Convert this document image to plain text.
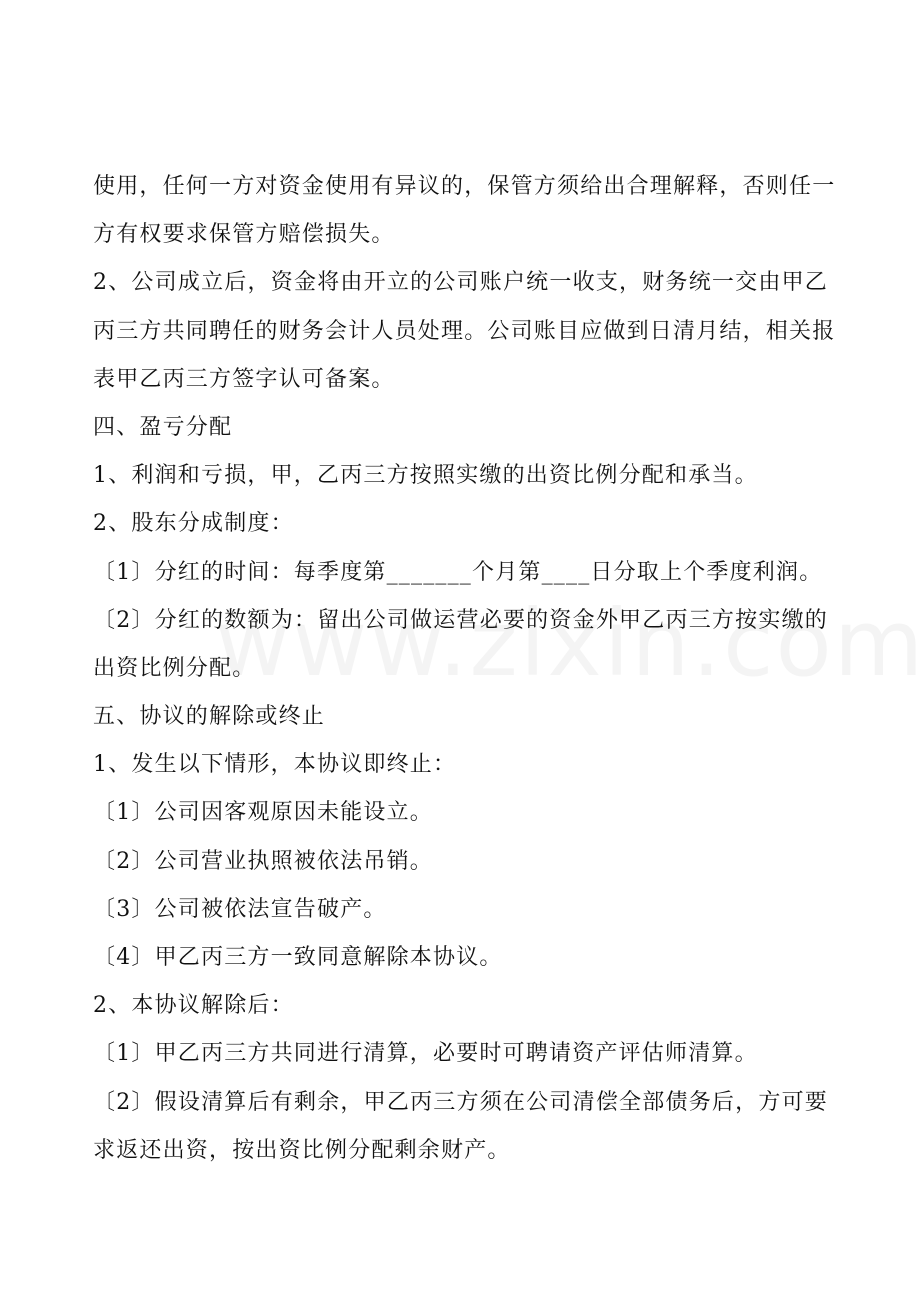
使用，任何一方对资金使用有异议的，保管方须给出合理解释，否则任一
方有权要求保管方赔偿损失。
2、公司成立后，资金将由开立的公司账户统一收支，财务统一交由甲乙
丙三方共同聘任的财务会计人员处理。公司账目应做到日清月结，相关报
表甲乙丙三方签字认可备案。
四、盈亏分配
1、利润和亏损，甲，乙丙三方按照实缴的出资比例分配和承当。
2、股东分成制度：
〔1〕分红的时间：每季度第_______个月第____日分取上个季度利润。
〔2〕分红的数额为：留出公司做运营必要的资金外甲乙丙三方按实缴的
出资比例分配。
五、协议的解除或终止
1、发生以下情形，本协议即终止：
〔1〕公司因客观原因未能设立。
〔2〕公司营业执照被依法吊销。
〔3〕公司被依法宣告破产。
〔4〕甲乙丙三方一致同意解除本协议。
2、本协议解除后：
〔1〕甲乙丙三方共同进行清算，必要时可聘请资产评估师清算。
〔2〕假设清算后有剩余，甲乙丙三方须在公司清偿全部债务后，方可要
求返还出资，按出资比例分配剩余财产。
